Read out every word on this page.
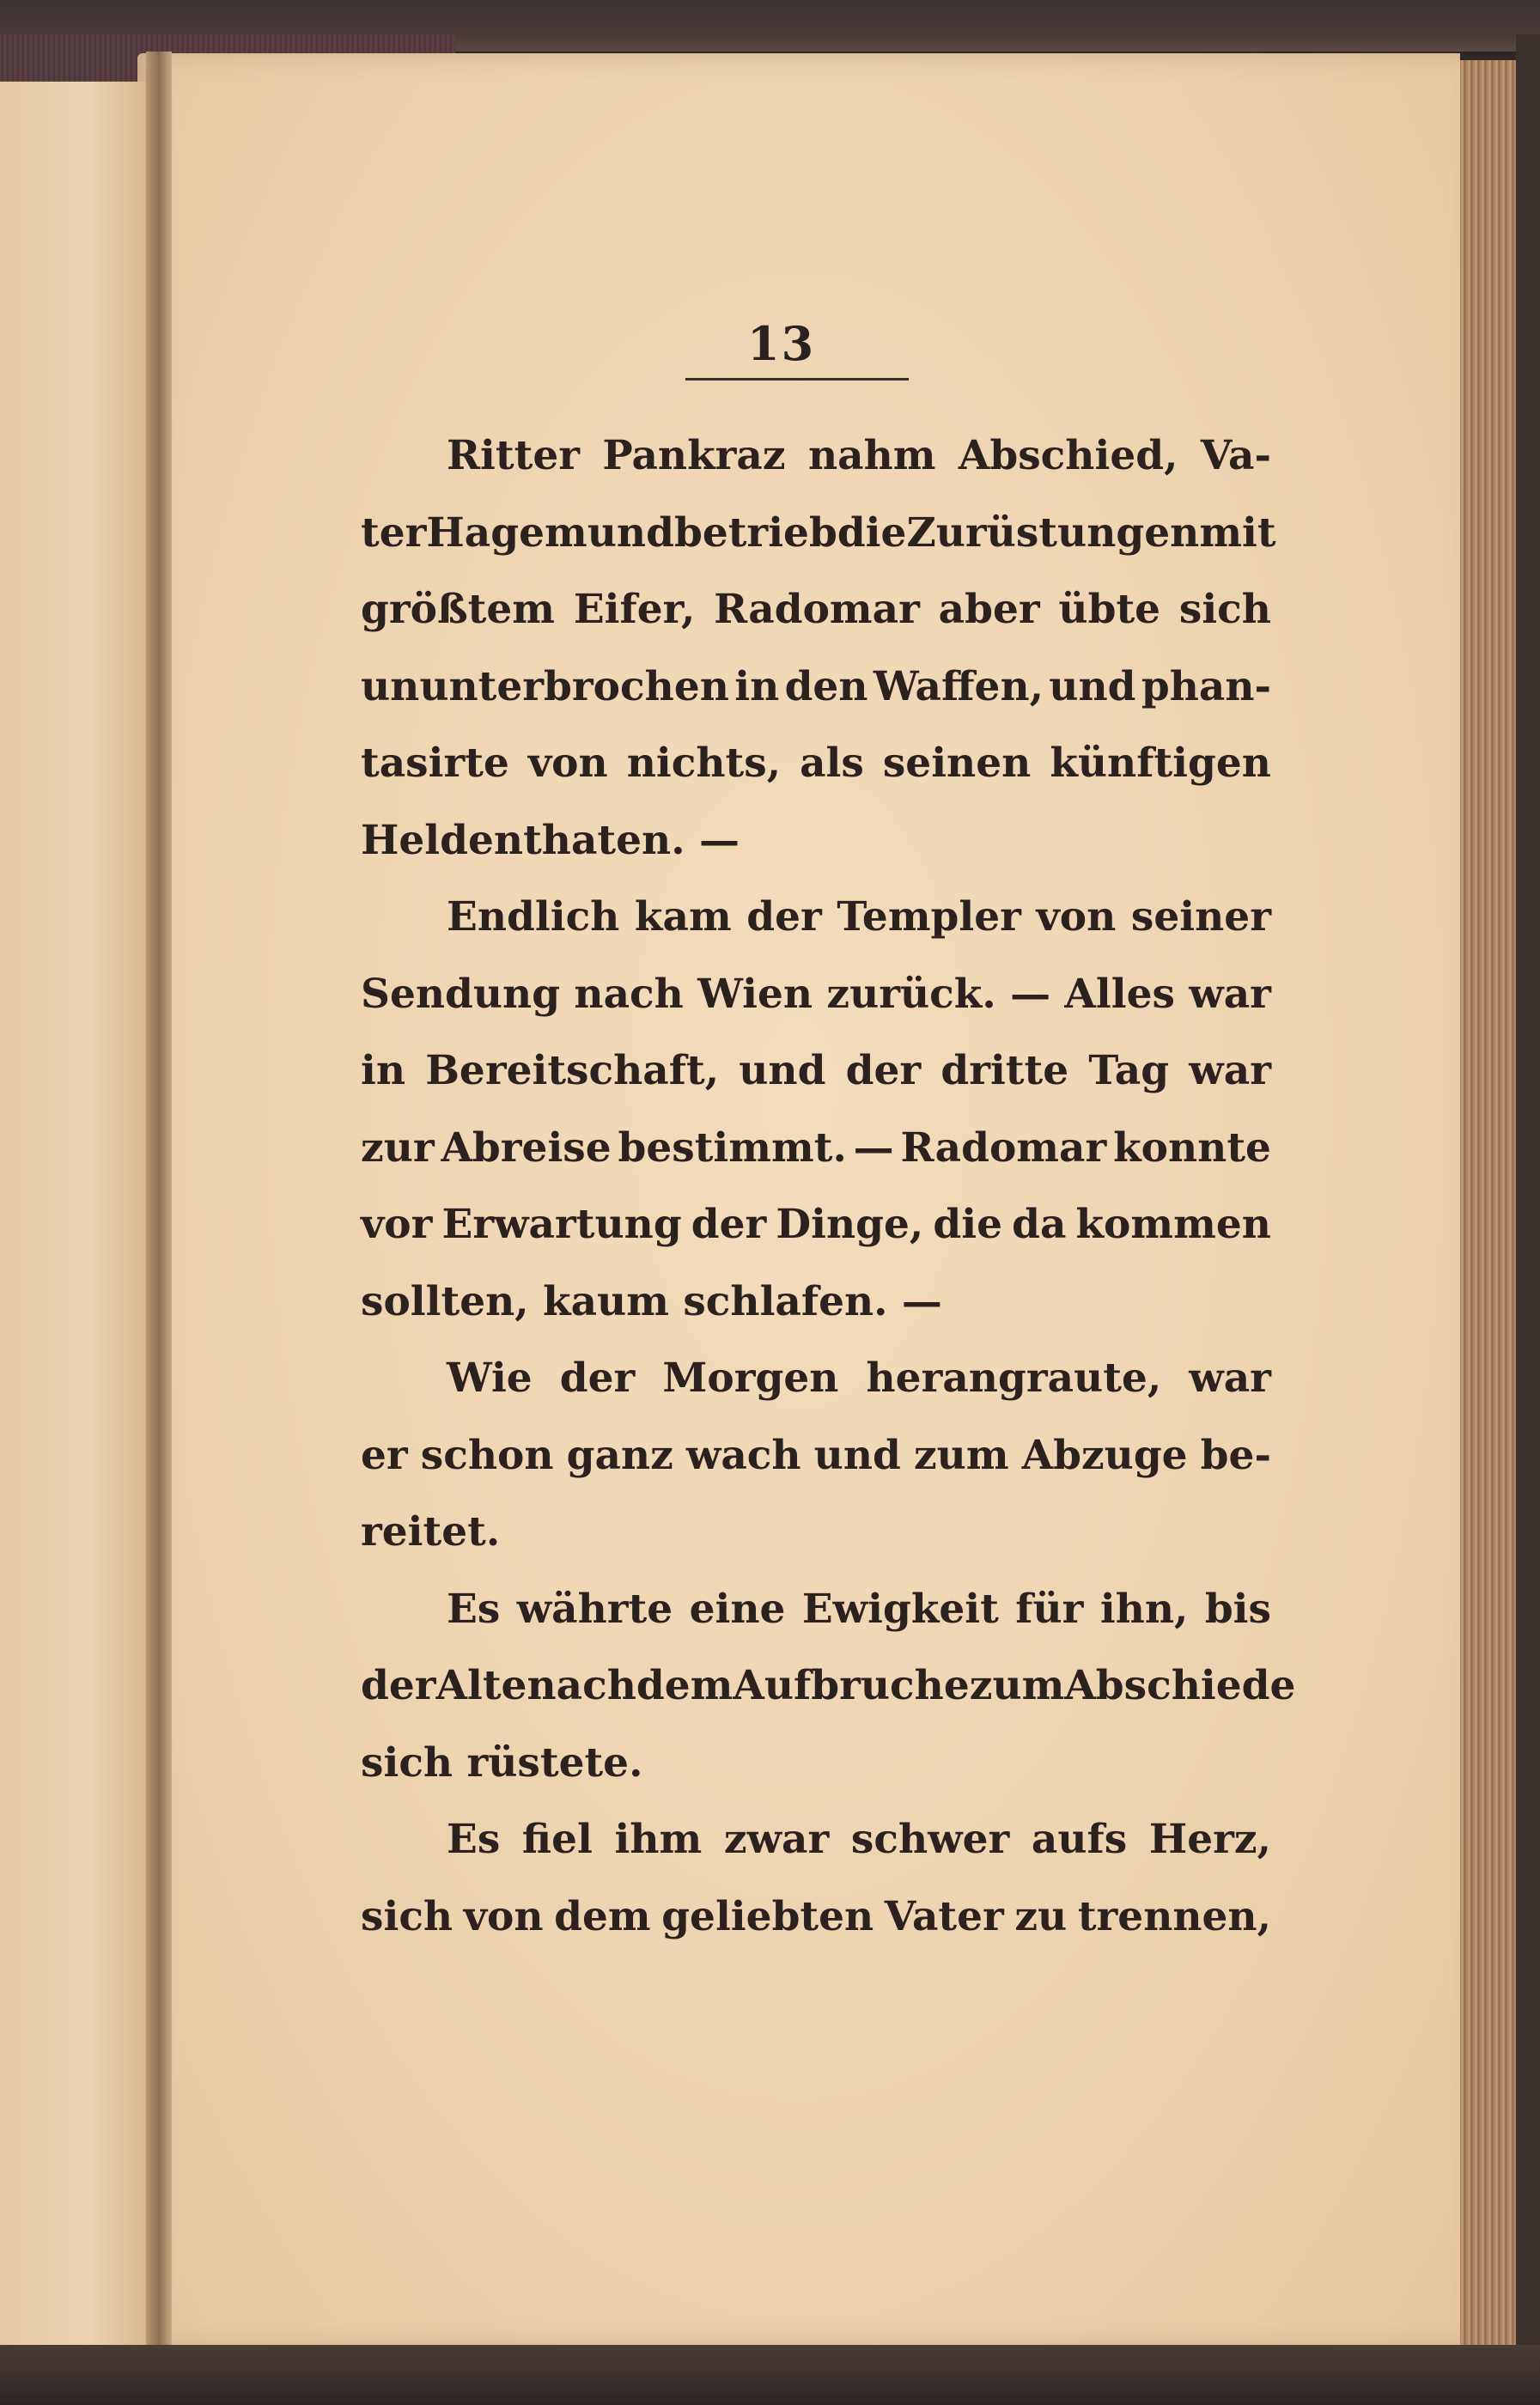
13
Ritter Pankraz nahm Abschied, Va-
ter Hagemund betrieb die Zurüstungen mit
größtem Eifer, Radomar aber übte sich
ununterbrochen in den Waffen, und phan-
tasirte von nichts, als seinen künftigen
Heldenthaten. —
Endlich kam der Templer von seiner
Sendung nach Wien zurück. — Alles war
in Bereitschaft, und der dritte Tag war
zur Abreise bestimmt. — Radomar konnte
vor Erwartung der Dinge, die da kommen
sollten, kaum schlafen. —
Wie der Morgen herangraute, war
er schon ganz wach und zum Abzuge be-
reitet.
Es währte eine Ewigkeit für ihn, bis
der Alte nach dem Aufbruche zum Abschiede
sich rüstete.
Es fiel ihm zwar schwer aufs Herz,
sich von dem geliebten Vater zu trennen,
